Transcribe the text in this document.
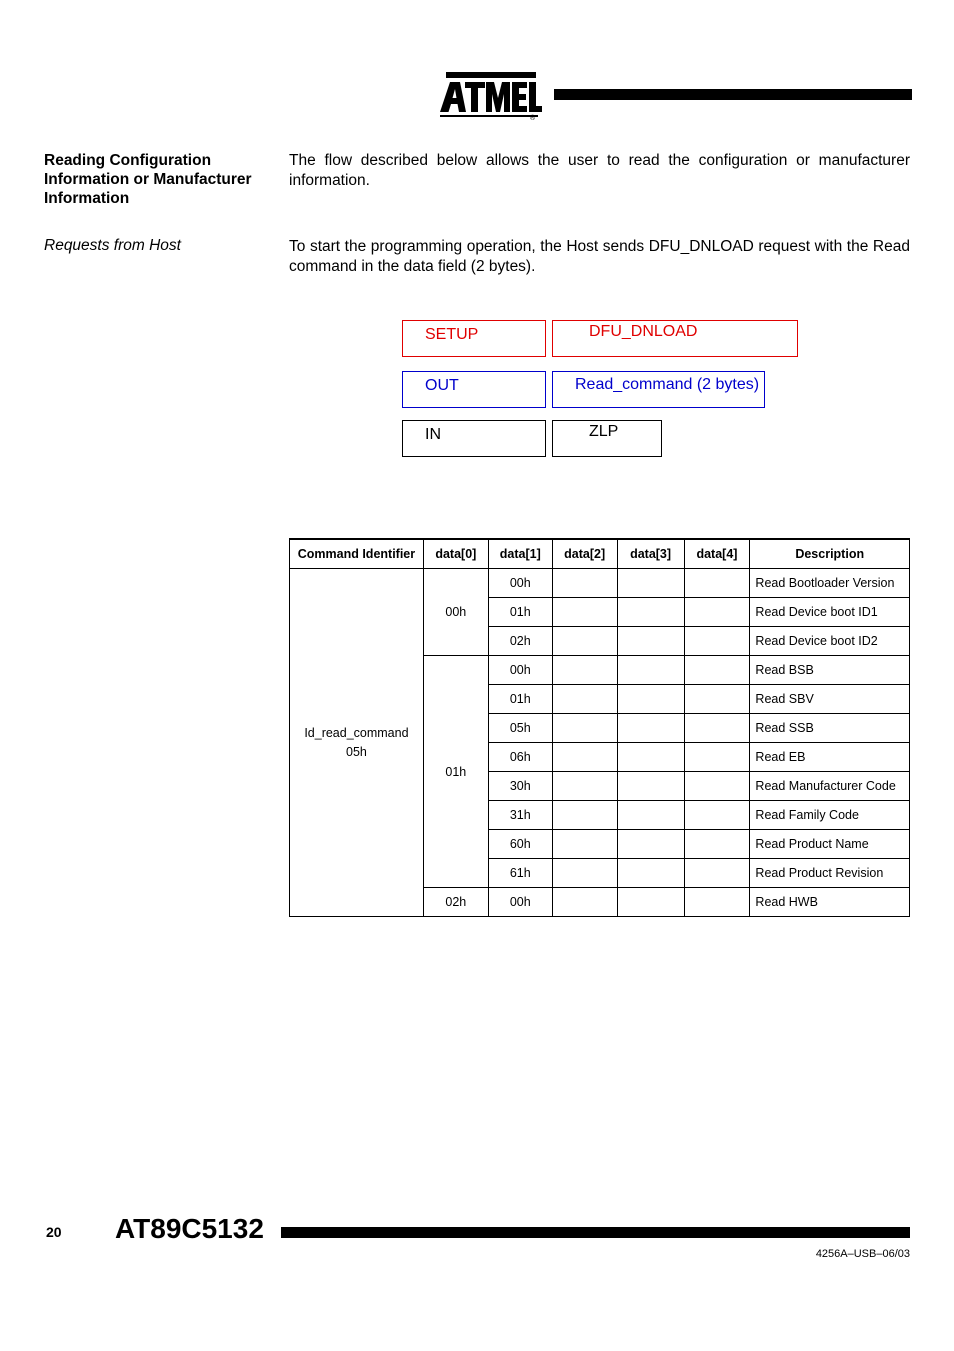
®
Reading Configuration Information or Manufacturer Information
The flow described below allows the user to read the configuration or manufacturer information.
Requests from Host	To start the programming operation, the Host sends DFU_DNLOAD request with the Read command in the data field (2 bytes).
SETUP	DFU_DNLOAD
OUT	Read_command (2 bytes)
IN	ZLP
Command Identifier	data[0]	data[1]	data[2]	data[3]	data[4]	Description
Id_read_command
05h	00h	00h				Read Bootloader Version
		01h				Read Device boot ID1
		02h				Read Device boot ID2
	01h	00h				Read BSB
		01h				Read SBV
		05h				Read SSB
		06h				Read EB
		30h				Read Manufacturer Code
		31h				Read Family Code
		60h				Read Product Name
		61h				Read Product Revision
	02h	00h				Read HWB
20 AT89C5132
4256A–USB–06/03
